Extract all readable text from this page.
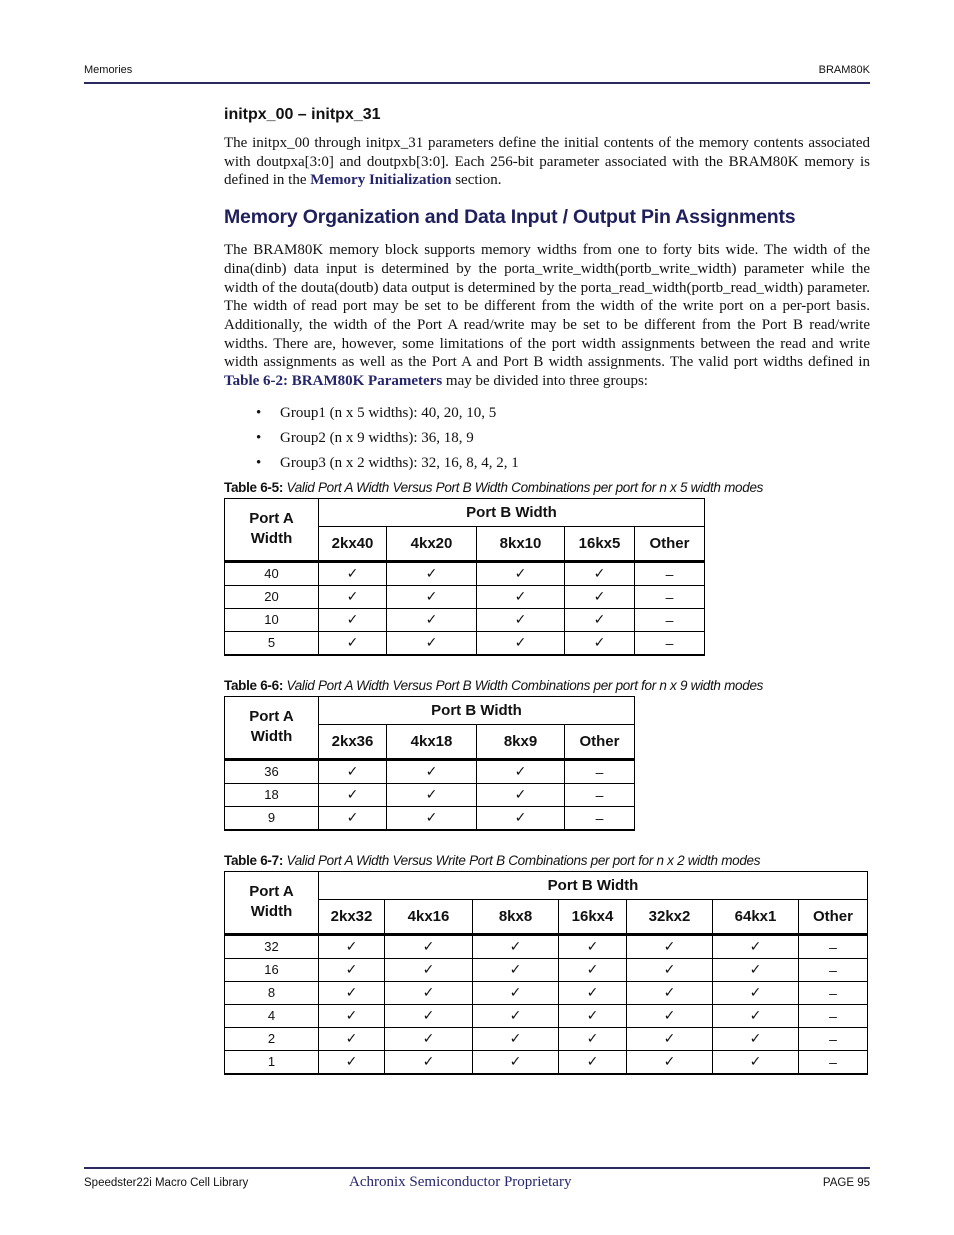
Memories	BRAM80K
initpx_00 – initpx_31

The initpx_00 through initpx_31 parameters define the initial contents of the memory contents associated with doutpxa[3:0] and doutpxb[3:0]. Each 256-bit parameter associated with the BRAM80K memory is defined in the Memory Initialization section.

Memory Organization and Data Input / Output Pin Assignments

The BRAM80K memory block supports memory widths from one to forty bits wide. The width of the dina(dinb) data input is determined by the porta_write_width(portb_write_width) parameter while the width of the douta(doutb) data output is determined by the porta_read_width(portb_read_width) parameter. The width of read port may be set to be different from the width of the write port on a per-port basis. Additionally, the width of the Port A read/write may be set to be different from the Port B read/write widths. There are, however, some limitations of the port width assignments between the read and write width assignments as well as the Port A and Port B width assignments. The valid port widths defined in Table 6-2: BRAM80K Parameters may be divided into three groups:

• Group1 (n x 5 widths): 40, 20, 10, 5
• Group2 (n x 9 widths): 36, 18, 9
• Group3 (n x 2 widths): 32, 16, 8, 4, 2, 1
Table 6-5: Valid Port A Width Versus Port B Width Combinations per port for n x 5 width modes
Port A Width	Port B Width				
	2kx40	4kx20	8kx10	16kx5	Other
40	✓	✓	✓	✓	–
20	✓	✓	✓	✓	–
10	✓	✓	✓	✓	–
5	✓	✓	✓	✓	–
Table 6-6: Valid Port A Width Versus Port B Width Combinations per port for n x 9 width modes
Port A Width	Port B Width			
	2kx36	4kx18	8kx9	Other
36	✓	✓	✓	–
18	✓	✓	✓	–
9	✓	✓	✓	–
Table 6-7: Valid Port A Width Versus Write Port B Combinations per port for n x 2 width modes
Port A Width	Port B Width						
	2kx32	4kx16	8kx8	16kx4	32kx2	64kx1	Other
32	✓	✓	✓	✓	✓	✓	–
16	✓	✓	✓	✓	✓	✓	–
8	✓	✓	✓	✓	✓	✓	–
4	✓	✓	✓	✓	✓	✓	–
2	✓	✓	✓	✓	✓	✓	–
1	✓	✓	✓	✓	✓	✓	–
Speedster22i Macro Cell Library	Achronix Semiconductor Proprietary	PAGE 95
